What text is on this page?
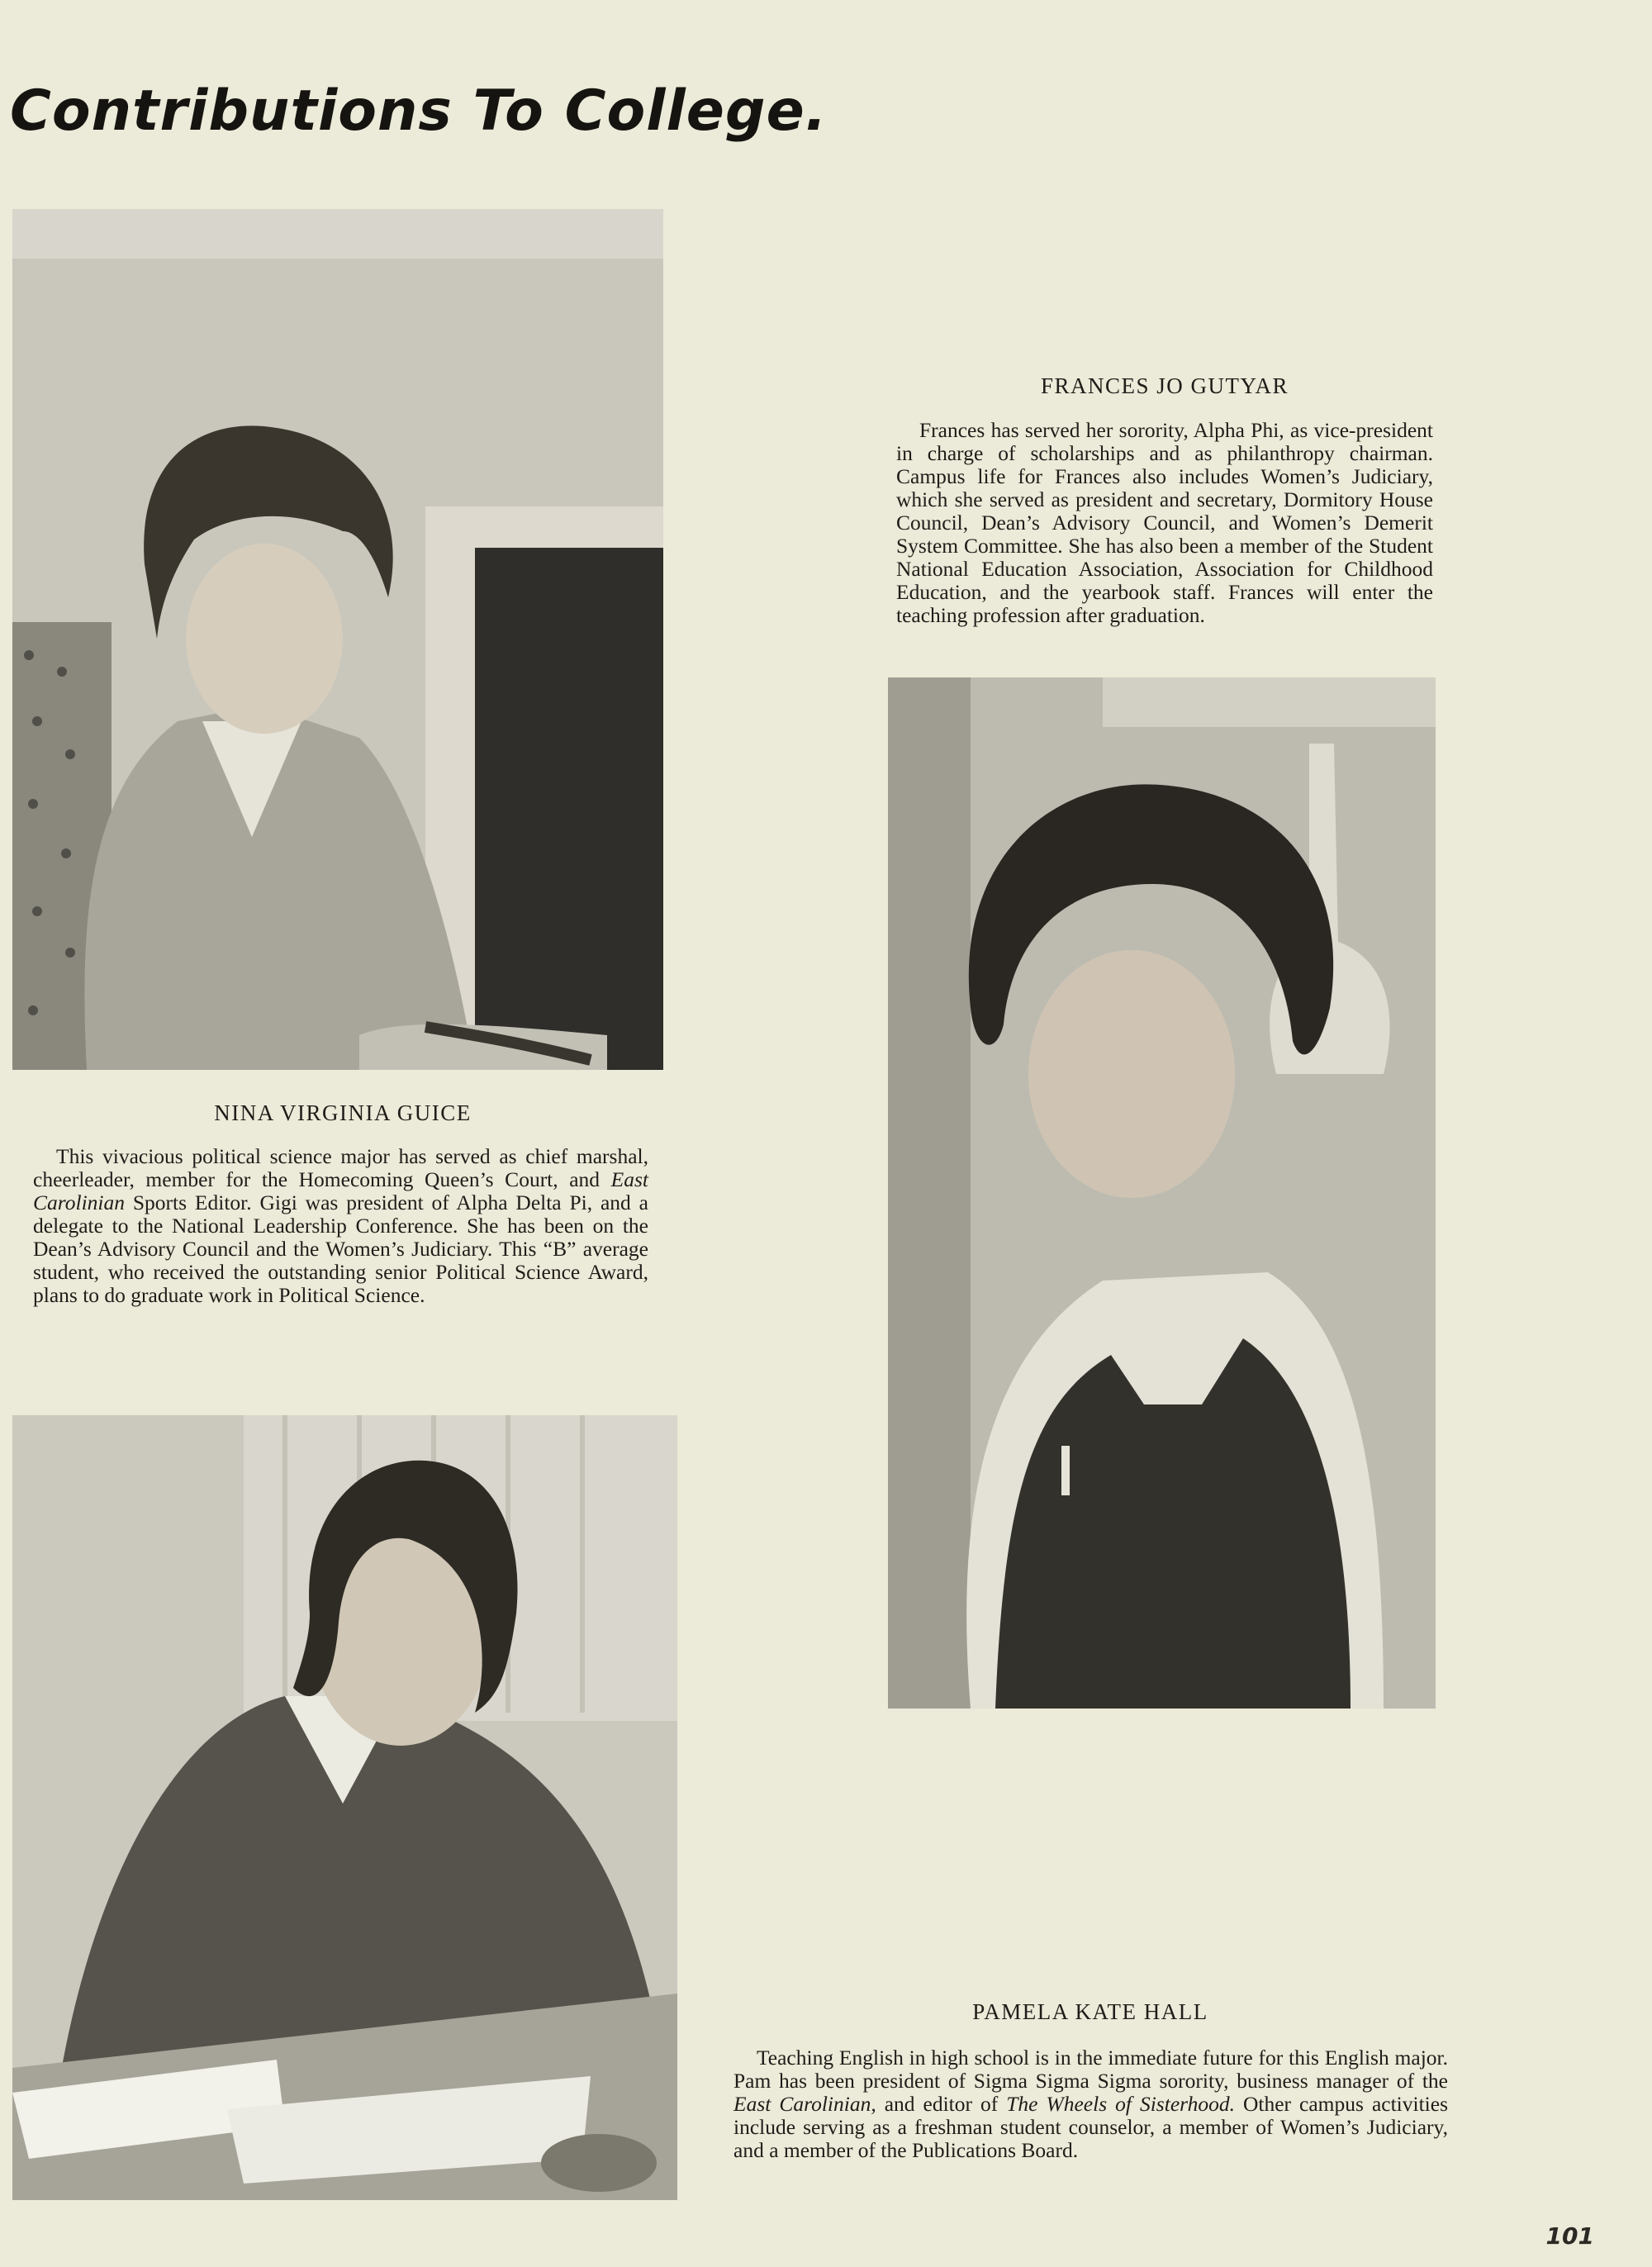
Contributions To College.
NINA VIRGINIA GUICE

This vivacious political science major has served as chief marshal, cheerleader, member for the Homecoming Queen’s Court, and East Carolinian Sports Editor. Gigi was president of Alpha Delta Pi, and a delegate to the National Leadership Conference. She has been on the Dean’s Advisory Council and the Women’s Judiciary. This “B” average student, who received the outstanding senior Political Science Award, plans to do graduate work in Political Science.

FRANCES JO GUTYAR

Frances has served her sorority, Alpha Phi, as vice-president in charge of scholarships and as philanthropy chairman. Campus life for Frances also includes Women’s Judiciary, which she served as president and secretary, Dormitory House Council, Dean’s Advisory Council, and Women’s Demerit System Committee. She has also been a member of the Student National Education Association, Association for Childhood Education, and the yearbook staff. Frances will enter the teaching profession after graduation.

PAMELA KATE HALL

Teaching English in high school is in the immediate future for this English major. Pam has been president of Sigma Sigma Sigma sorority, business manager of the East Carolinian, and editor of The Wheels of Sisterhood. Other campus activities include serving as a freshman student counselor, a member of Women’s Judiciary, and a member of the Publications Board.

101
